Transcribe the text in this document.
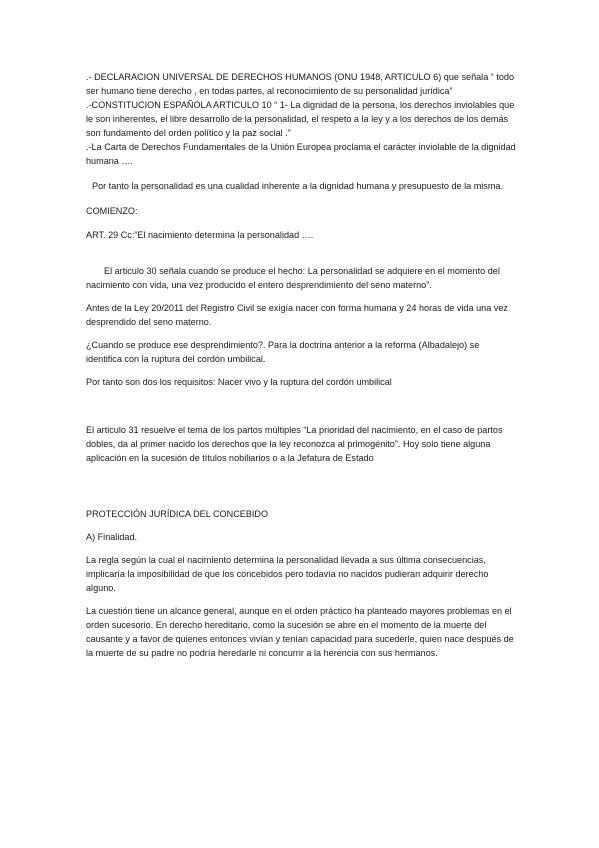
.- DECLARACION UNIVERSAL DE DERECHOS HUMANOS (ONU 1948, ARTICULO 6) que señala “ todo ser humano tiene derecho , en todas partes, al reconocimiento de su personalidad jurídica”

.-CONSTITUCION ESPAÑOLA ARTICULO 10 “ 1- La dignidad de la persona, los derechos inviolables que le son inherentes, el libre desarrollo de la personalidad, el respeto a la ley y a los derechos de los demás son fundamento del orden político y la paz social .”

.-La Carta de Derechos Fundamentales de la Unión Europea proclama el carácter inviolable de la dignidad humana ….

Por tanto la personalidad es una cualidad inherente a la dignidad humana y presupuesto de la misma.

COMIENZO:

ART. 29 Cc:”El nacimiento determina la personalidad ….

El articulo 30 señala cuando se produce el hecho: La personalidad se adquiere en el momento del nacimiento con vida, una vez producido el entero desprendimiento del seno materno”.

Antes de la Ley 20/2011 del Registro Civil se exigía nacer con forma humana y 24 horas de vida una vez desprendido del seno materno.

¿Cuando se produce ese desprendimiento?. Para la doctrina anterior a la reforma (Albadalejo) se identifica con la ruptura del cordón umbilical.

Por tanto son dos los requisitos: Nacer vivo y la ruptura del cordón umbilical

El articulo 31 resuelve el tema de los partos múltiples “La prioridad del nacimiento, en el caso de partos dobles, da al primer nacido los derechos que la ley reconozca al primogénito”. Hoy solo tiene alguna aplicación en la sucesión de títulos nobiliarios o a la Jefatura de Estado

PROTECCIÓN JURÍDICA DEL CONCEBIDO

A) Finalidad.

La regla según la cual el nacimiento determina la personalidad llevada a sus última consecuencias, implicaría la imposibilidad de que los concebidos pero todavía no nacidos pudieran adquirir derecho alguno.

La cuestión tiene un alcance general, aunque en el orden práctico ha planteado mayores problemas en el orden sucesorio. En derecho hereditario, como la sucesión se abre en el momento de la muerte del causante y a favor de quienes entonces vivían y tenían capacidad para sucederle, quien nace después de la muerte de su padre no podría heredarle ni concurrir a la herencia con sus hermanos.
